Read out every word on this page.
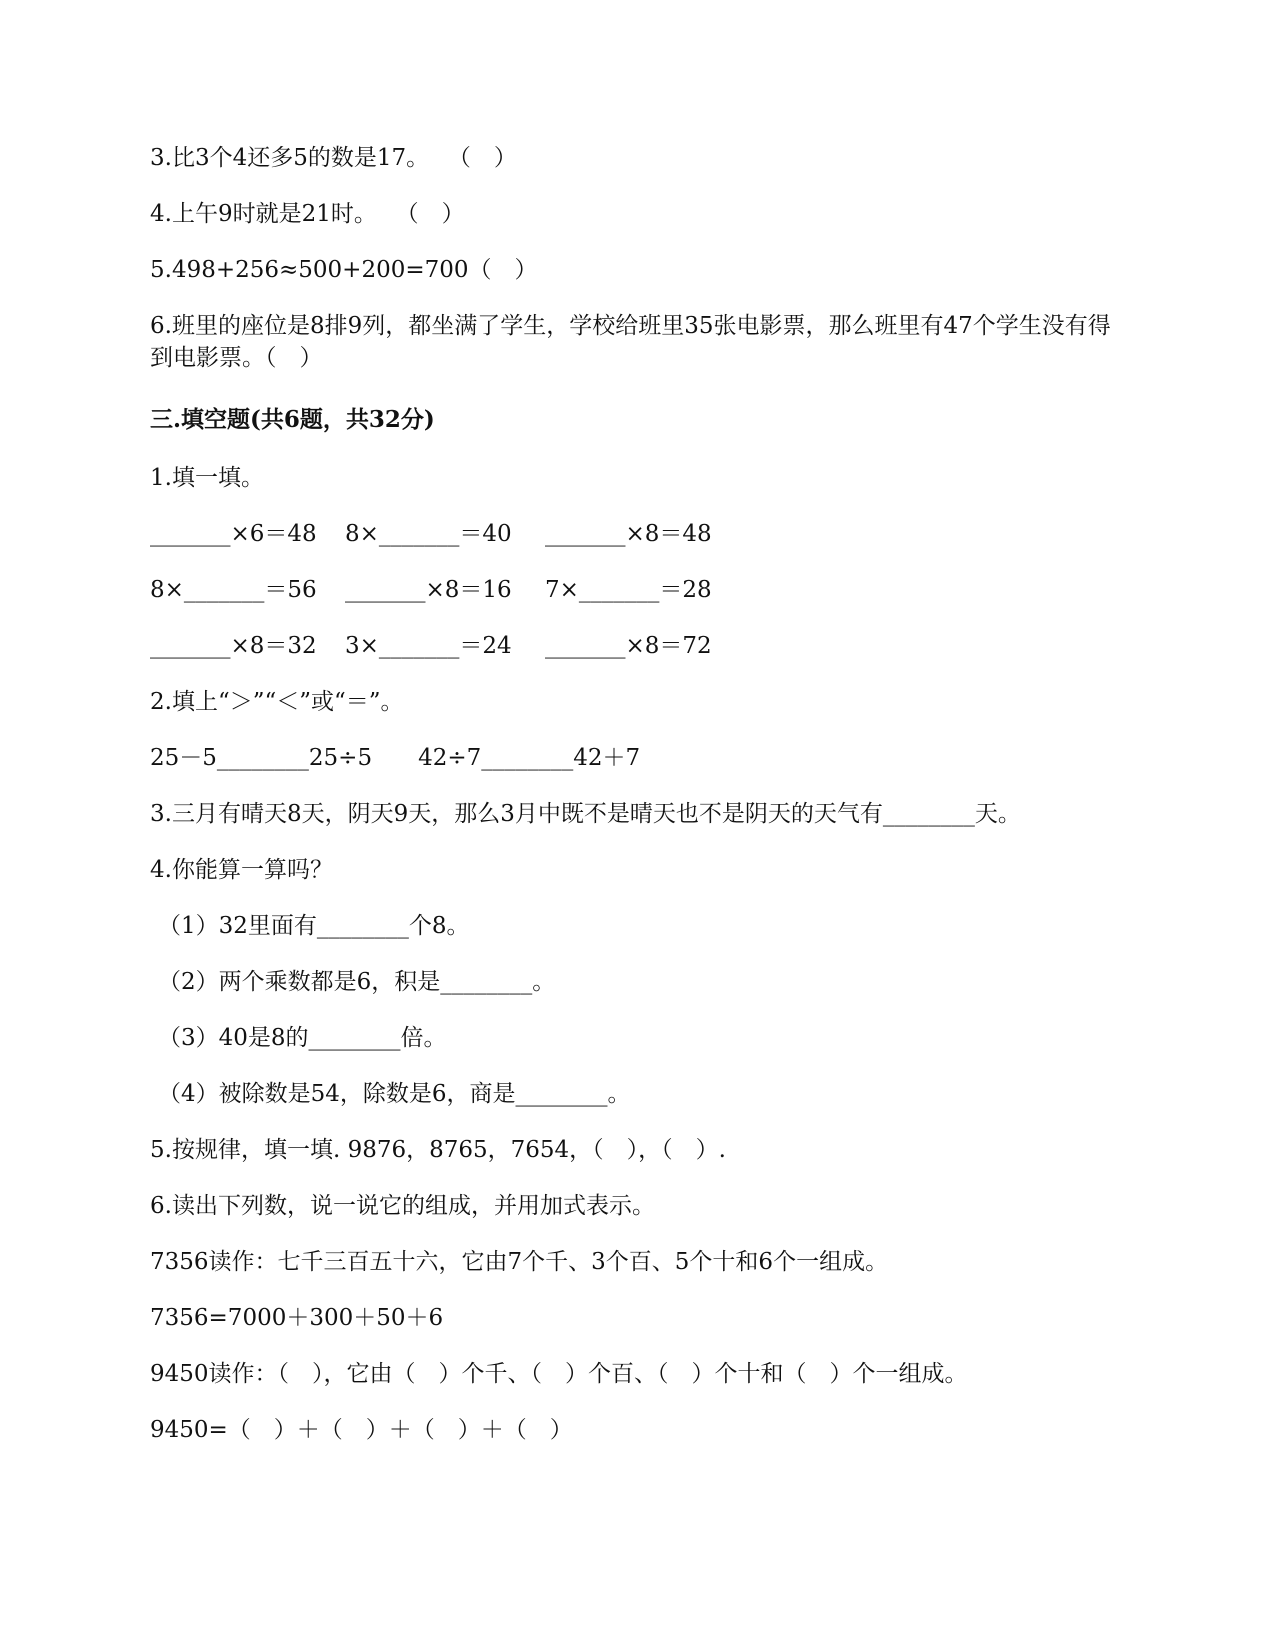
3.比3个4还多5的数是17。　 （　）
4.上午9时就是21时。　 （　）
5.498+256≈500+200=700（　）
6.班里的座位是8排9列，都坐满了学生，学校给班里35张电影票，那么班里有47个学生没有得到电影票。（　）
三.填空题(共6题，共32分)
1.填一填。
_______×6＝48 8×_______＝40 _______×8＝48
8×_______＝56 _______×8＝16 7×_______＝28
_______×8＝32 3×_______＝24 _______×8＝72
2.填上“＞”“＜”或“＝”。
25－5________25÷5　　42÷7________42＋7
3.三月有晴天8天，阴天9天，那么3月中既不是晴天也不是阴天的天气有________天。
4.你能算一算吗？
（1）32里面有________个8。
（2）两个乘数都是6，积是________。
（3）40是8的________倍。
（4）被除数是54，除数是6，商是________。
5.按规律，填一填. 9876，8765，7654，（　），（　）.
6.读出下列数，说一说它的组成，并用加式表示。
7356读作：七千三百五十六，它由7个千、3个百、5个十和6个一组成。
7356=7000＋300＋50＋6
9450读作：（　），它由（　）个千、（　）个百、（　）个十和（　）个一组成。
9450=（　）＋（　）＋（　）＋（　）
